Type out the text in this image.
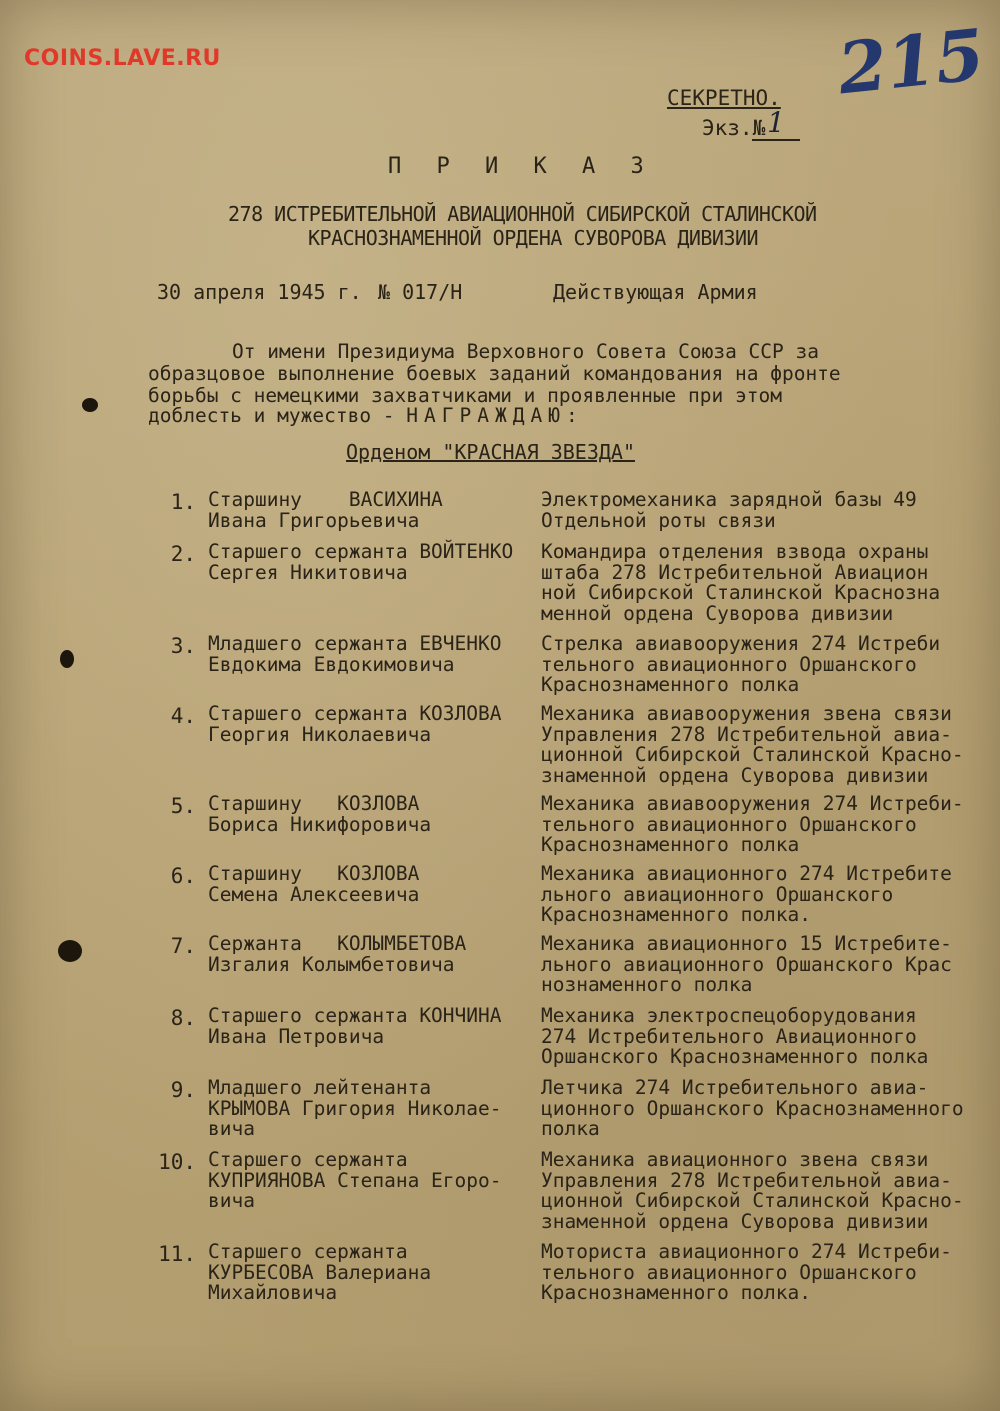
COINS.LAVE.RU	215
СЕКРЕТНО.
Экз.№ 1
П Р И К А З
278 ИСТРЕБИТЕЛЬНОЙ АВИАЦИОННОЙ СИБИРСКОЙ СТАЛИНСКОЙ
КРАСНОЗНАМЕННОЙ ОРДЕНА СУВОРОВА ДИВИЗИИ
30 апреля 1945 г. № 017/Н	Действующая Армия
От имени Президиума Верховного Совета Союза ССР за
образцовое выполнение боевых заданий командования на фронте
борьбы с немецкими захватчиками и проявленные при этом
доблесть и мужество - НАГРАЖДАЮ:
Орденом "КРАСНАЯ ЗВЕЗДА"
1. Старшину    ВАСИХИНА
Ивана Григорьевича
Электромеханика зарядной базы 49
Отдельной роты связи
2. Старшего сержанта ВОЙТЕНКО
Сергея Никитовича
Командира отделения взвода охраны
штаба 278 Истребительной Авиацион
ной Сибирской Сталинской Краснозна
менной ордена Суворова дивизии
3. Младшего сержанта ЕВЧЕНКО
Евдокима Евдокимовича
Стрелка авиавооружения 274 Истреби
тельного авиационного Оршанского
Краснознаменного полка
4. Старшего сержанта КОЗЛОВА
Георгия Николаевича
Механика авиавооружения звена связи
Управления 278 Истребительной авиа-
ционной Сибирской Сталинской Красно-
знаменной ордена Суворова дивизии
5. Старшину   КОЗЛОВА
Бориса Никифоровича
Механика авиавооружения 274 Истреби-
тельного авиационного Оршанского
Краснознаменного полка
6. Старшину   КОЗЛОВА
Семена Алексеевича
Механика авиационного 274 Истребите
льного авиационного Оршанского
Краснознаменного полка.
7. Сержанта   КОЛЫМБЕТОВА
Изгалия Колымбетовича
Механика авиационного 15 Истребите-
льного авиационного Оршанского Крас
нознаменного полка
8. Старшего сержанта КОНЧИНА
Ивана Петровича
Механика электроспецоборудования
274 Истребительного Авиационного
Оршанского Краснознаменного полка
9. Младшего лейтенанта
КРЫМОВА Григория Николае-
вича
Летчика 274 Истребительного авиа-
ционного Оршанского Краснознаменного
полка
10. Старшего сержанта
КУПРИЯНОВА Степана Егоро-
вича
Механика авиационного звена связи
Управления 278 Истребительной авиа-
ционной Сибирской Сталинской Красно-
знаменной ордена Суворова дивизии
11. Старшего сержанта
КУРБЕСОВА Валериана
Михайловича
Моториста авиационного 274 Истреби-
тельного авиационного Оршанского
Краснознаменного полка.
